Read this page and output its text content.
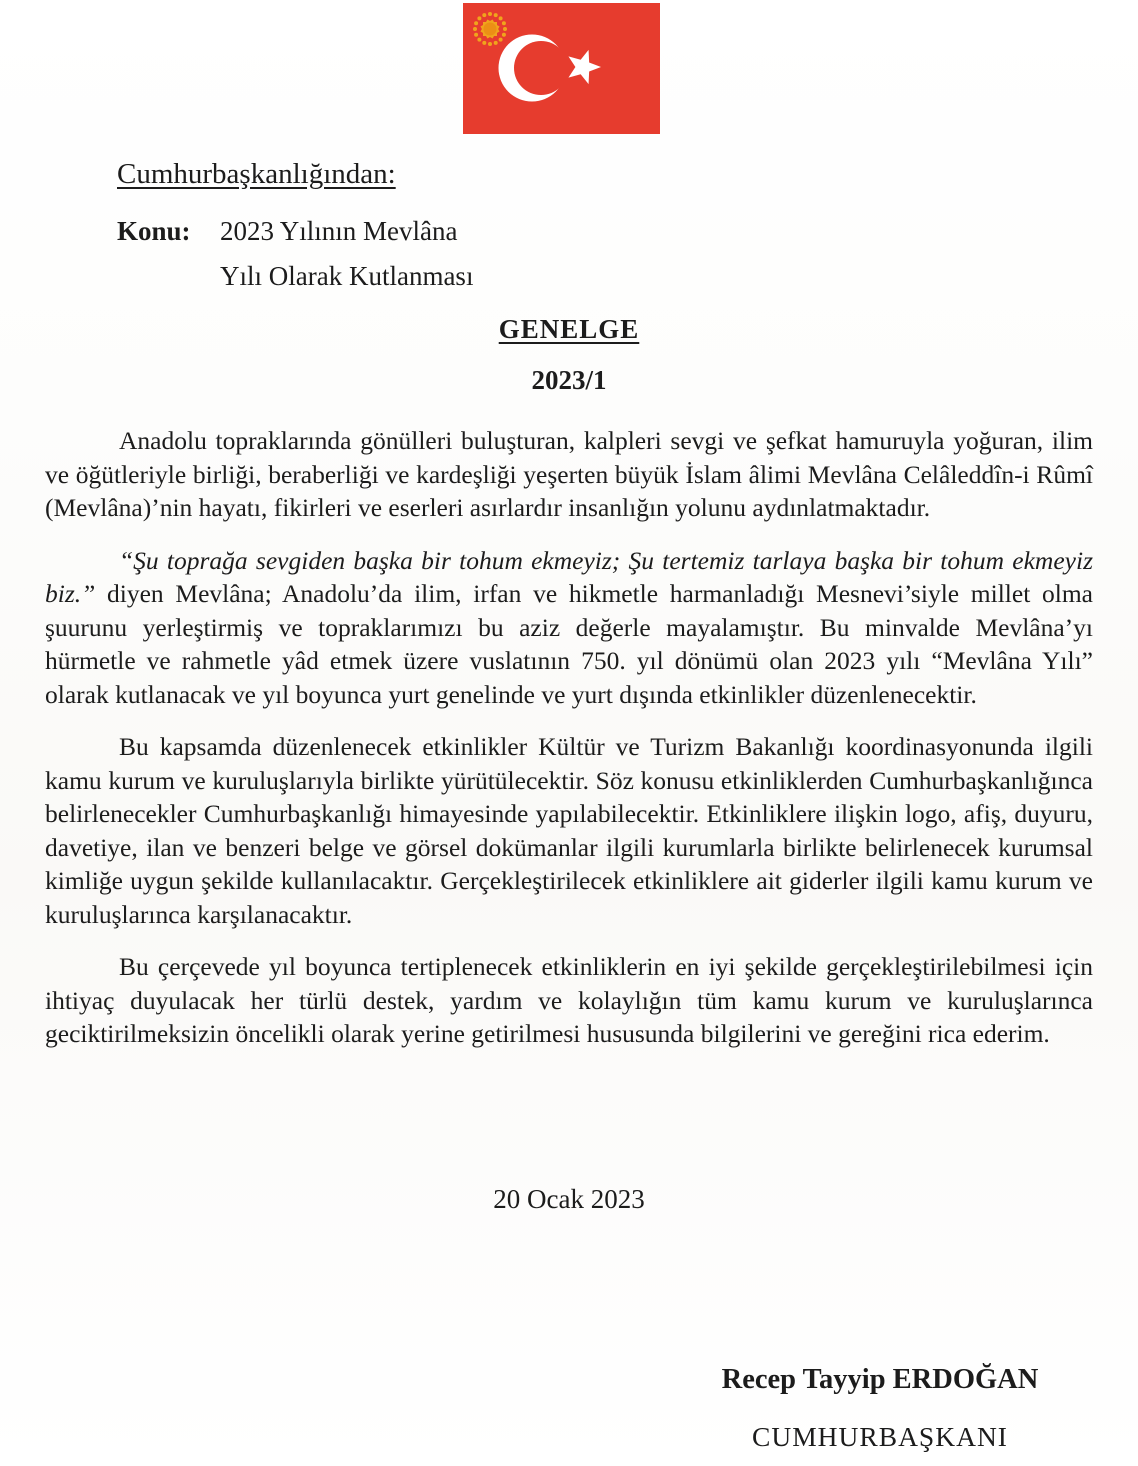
Cumhurbaşkanlığından:
Konu:	2023 Yılının Mevlâna
Yılı Olarak Kutlanması
GENELGE
2023/1

Anadolu topraklarında gönülleri buluşturan, kalpleri sevgi ve şefkat hamuruyla yoğuran, ilim ve öğütleriyle birliği, beraberliği ve kardeşliği yeşerten büyük İslam âlimi Mevlâna Celâleddîn-i Rûmî (Mevlâna)’nin hayatı, fikirleri ve eserleri asırlardır insanlığın yolunu aydınlatmaktadır.

“Şu toprağa sevgiden başka bir tohum ekmeyiz; Şu tertemiz tarlaya başka bir tohum ekmeyiz biz.” diyen Mevlâna; Anadolu’da ilim, irfan ve hikmetle harmanladığı Mesnevi’siyle millet olma şuurunu yerleştirmiş ve topraklarımızı bu aziz değerle mayalamıştır. Bu minvalde Mevlâna’yı hürmetle ve rahmetle yâd etmek üzere vuslatının 750. yıl dönümü olan 2023 yılı “Mevlâna Yılı” olarak kutlanacak ve yıl boyunca yurt genelinde ve yurt dışında etkinlikler düzenlenecektir.

Bu kapsamda düzenlenecek etkinlikler Kültür ve Turizm Bakanlığı koordinasyonunda ilgili kamu kurum ve kuruluşlarıyla birlikte yürütülecektir. Söz konusu etkinliklerden Cumhurbaşkanlığınca belirlenecekler Cumhurbaşkanlığı himayesinde yapılabilecektir. Etkinliklere ilişkin logo, afiş, duyuru, davetiye, ilan ve benzeri belge ve görsel dokümanlar ilgili kurumlarla birlikte belirlenecek kurumsal kimliğe uygun şekilde kullanılacaktır. Gerçekleştirilecek etkinliklere ait giderler ilgili kamu kurum ve kuruluşlarınca karşılanacaktır.

Bu çerçevede yıl boyunca tertiplenecek etkinliklerin en iyi şekilde gerçekleştirilebilmesi için ihtiyaç duyulacak her türlü destek, yardım ve kolaylığın tüm kamu kurum ve kuruluşlarınca geciktirilmeksizin öncelikli olarak yerine getirilmesi hususunda bilgilerini ve gereğini rica ederim.

20 Ocak 2023
Recep Tayyip ERDOĞAN
CUMHURBAŞKANI
